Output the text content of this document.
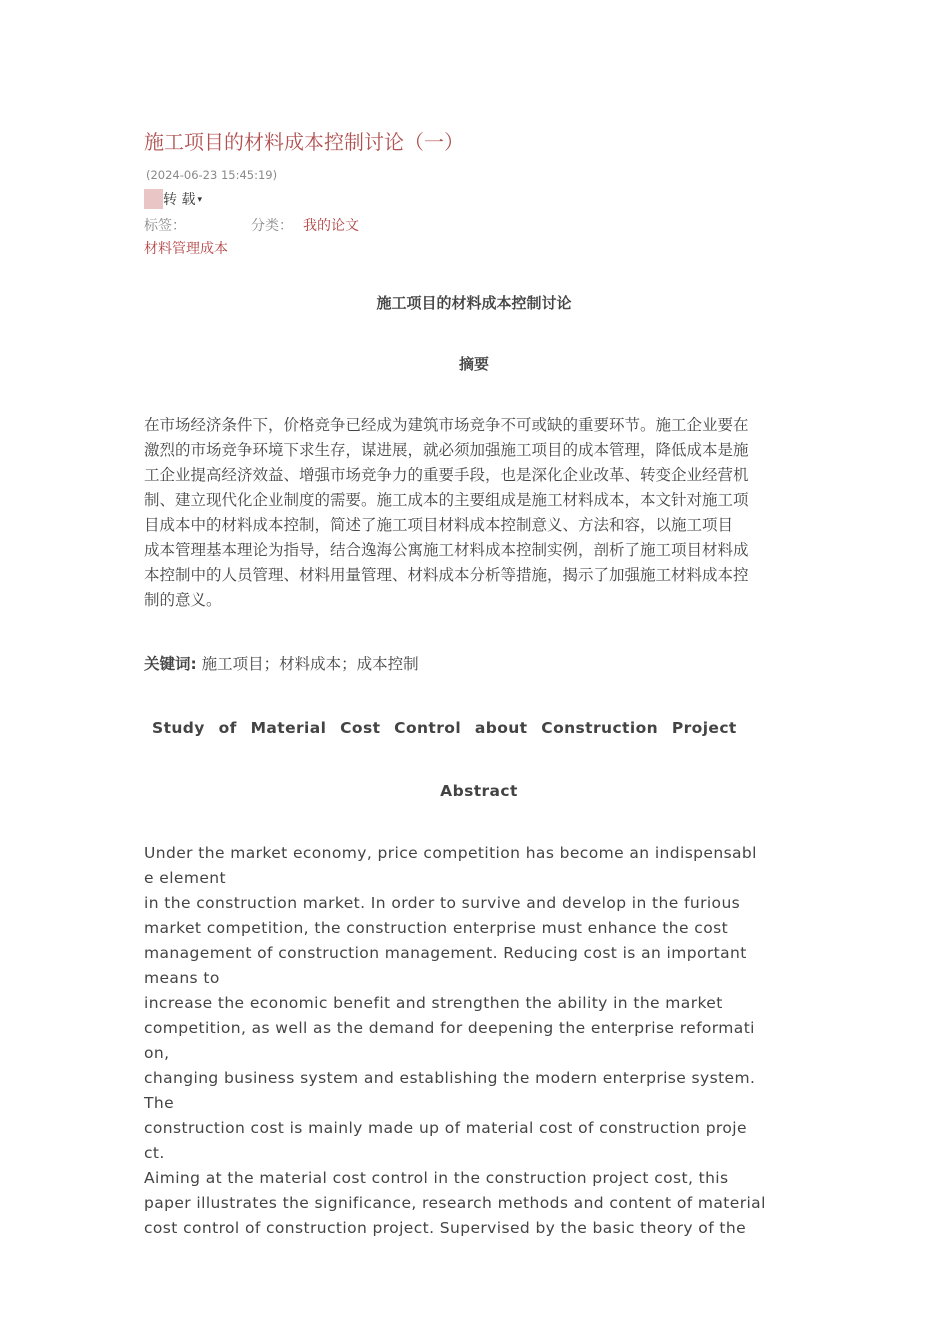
施工项目的材料成本控制讨论（一）
(2024-06-23 15:45:19)
转 载 ▾
标签：	分类： 我的论文
材料管理成本
施工项目的材料成本控制讨论
摘要
在市场经济条件下，价格竞争已经成为建筑市场竞争不可或缺的重要环节。施工企业要在
激烈的市场竞争环境下求生存，谋进展，就必须加强施工项目的成本管理，降低成本是施
工企业提高经济效益、增强市场竞争力的重要手段，也是深化企业改革、转变企业经营机
制、建立现代化企业制度的需要。施工成本的主要组成是施工材料成本，本文针对施工项
目成本中的材料成本控制，简述了施工项目材料成本控制意义、方法和容，以施工项目
成本管理基本理论为指导，结合逸海公寓施工材料成本控制实例，剖析了施工项目材料成
本控制中的人员管理、材料用量管理、材料成本分析等措施，揭示了加强施工材料成本控
制的意义。
关键词: 施工项目；材料成本；成本控制
Study of Material Cost Control about Construction Project
Abstract
Under the market economy, price competition has become an indispensabl
e element
in the construction market. In order to survive and develop in the furious
market competition, the construction enterprise must enhance the cost
management of construction management. Reducing cost is an important
means to
increase the economic benefit and strengthen the ability in the market
competition, as well as the demand for deepening the enterprise reformati
on,
changing business system and establishing the modern enterprise system.
The
construction cost is mainly made up of material cost of construction proje
ct.
Aiming at the material cost control in the construction project cost, this
paper illustrates the significance, research methods and content of material
cost control of construction project. Supervised by the basic theory of the
